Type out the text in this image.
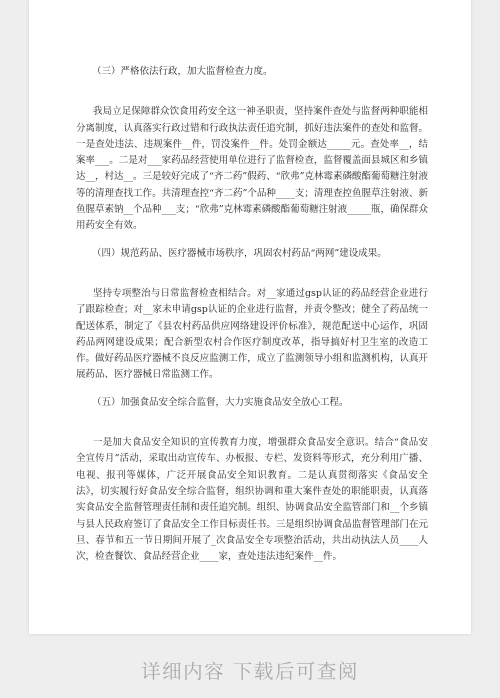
（三）严格依法行政，加大监督检查力度。

我局立足保障群众饮食用药安全这一神圣职责，坚持案件查处与监督两种职能相分离制度，认真落实行政过错和行政执法责任追究制，抓好违法案件的查处和监督。一是查处违法、违规案件__件，罚没案件__件。处罚金额达_____元。查处率__，结案率___。二是对___家药品经营使用单位进行了监督检查，监督覆盖面县城区和乡镇达__，村达__。三是较好完成了“齐二药”假药、“欣弗”克林霉素磷酸酯葡萄糖注射液等的清理查找工作。共清理查控“齐二药”个品种____支；清理查控鱼腥草注射液、新鱼腥草素钠__个品种___支；“欣弗”克林霉素磷酸酯葡萄糖注射液_____瓶，确保群众用药安全有效。

（四）规范药品、医疗器械市场秩序，巩固农村药品“两网”建设成果。

坚持专项整治与日常监督检查相结合。对__家通过gsp认证的药品经营企业进行了跟踪检查；对__家未申请gsp认证的企业进行监督，并责令整改；健全了药品统一配送体系，制定了《县农村药品供应网络建设评价标准》，规范配送中心运作，巩固药品两网建设成果；配合新型农村合作医疗制度改革，指导搞好村卫生室的改造工作。做好药品医疗器械不良反应监测工作，成立了监测领导小组和监测机构，认真开展药品、医疗器械日常监测工作。

（五）加强食品安全综合监督，大力实施食品安全放心工程。

一是加大食品安全知识的宣传教育力度，增强群众食品安全意识。结合“食品安全宣传月”活动，采取出动宣传车、办板报、专栏、发资料等形式，充分利用广播、电视、报刊等媒体，广泛开展食品安全知识教育。二是认真贯彻落实《食品安全法》，切实履行好食品安全综合监督，组织协调和重大案件查处的职能职责，认真落实食品安全监督管理责任制和责任追究制。组织、协调食品安全监管部门和__个乡镇与县人民政府签订了食品安全工作目标责任书。三是组织协调食品监督管理部门在元旦、春节和五一节日期间开展了_次食品安全专项整治活动，共出动执法人员____人次，检查餐饮、食品经营企业____家，查处违法违纪案件__件。

详细内容 下载后可查阅
